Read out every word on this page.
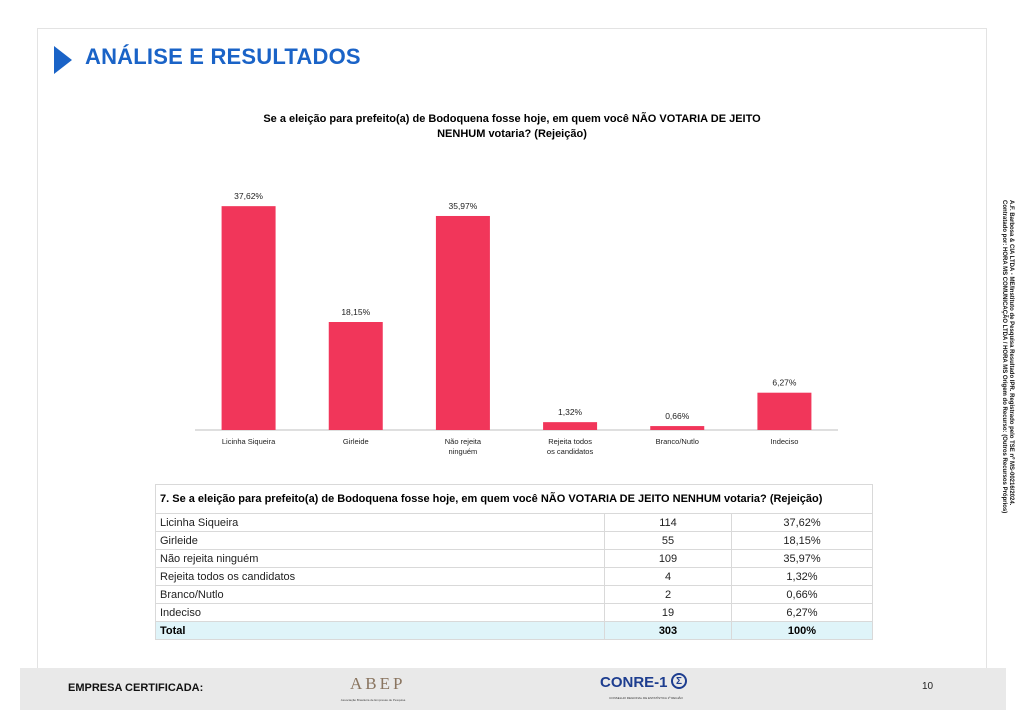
ANÁLISE E RESULTADOS
Se a eleição para prefeito(a) de Bodoquena fosse hoje, em quem você NÃO VOTARIA DE JEITO NENHUM votaria? (Rejeição)
37,62%
Licinha Siqueira
18,15%
Girleide
35,97%
Não rejeita
ninguém
1,32%
Rejeita todos
os candidatos
0,66%
Branco/Nutlo
6,27%
Indeciso	A.F. Barbosa & CIA LTDA - ME/Instituto de Pesquisa Resultado IPR. Registrado pelo TSE nº MS-00216/2024. Contratado por: HORA MS COMUNICAÇÃO LTDA / HORA MS Origem do Recurso: (Outros Recursos Próprios)
7. Se a eleição para prefeito(a) de Bodoquena fosse hoje, em quem você NÃO VOTARIA DE JEITO NENHUM votaria? (Rejeição)		
Licinha Siqueira	114	37,62%
Girleide	55	18,15%
Não rejeita ninguém	109	35,97%
Rejeita todos os candidatos	4	1,32%
Branco/Nutlo	2	0,66%
Indeciso	19	6,27%
Total	303	100%
EMPRESA CERTIFICADA:	ABEP
Associação Brasileira de Empresas de Pesquisa
CONRE-1 Σ
CONSELHO REGIONAL DE ESTATÍSTICA 1ª REGIÃO
10
